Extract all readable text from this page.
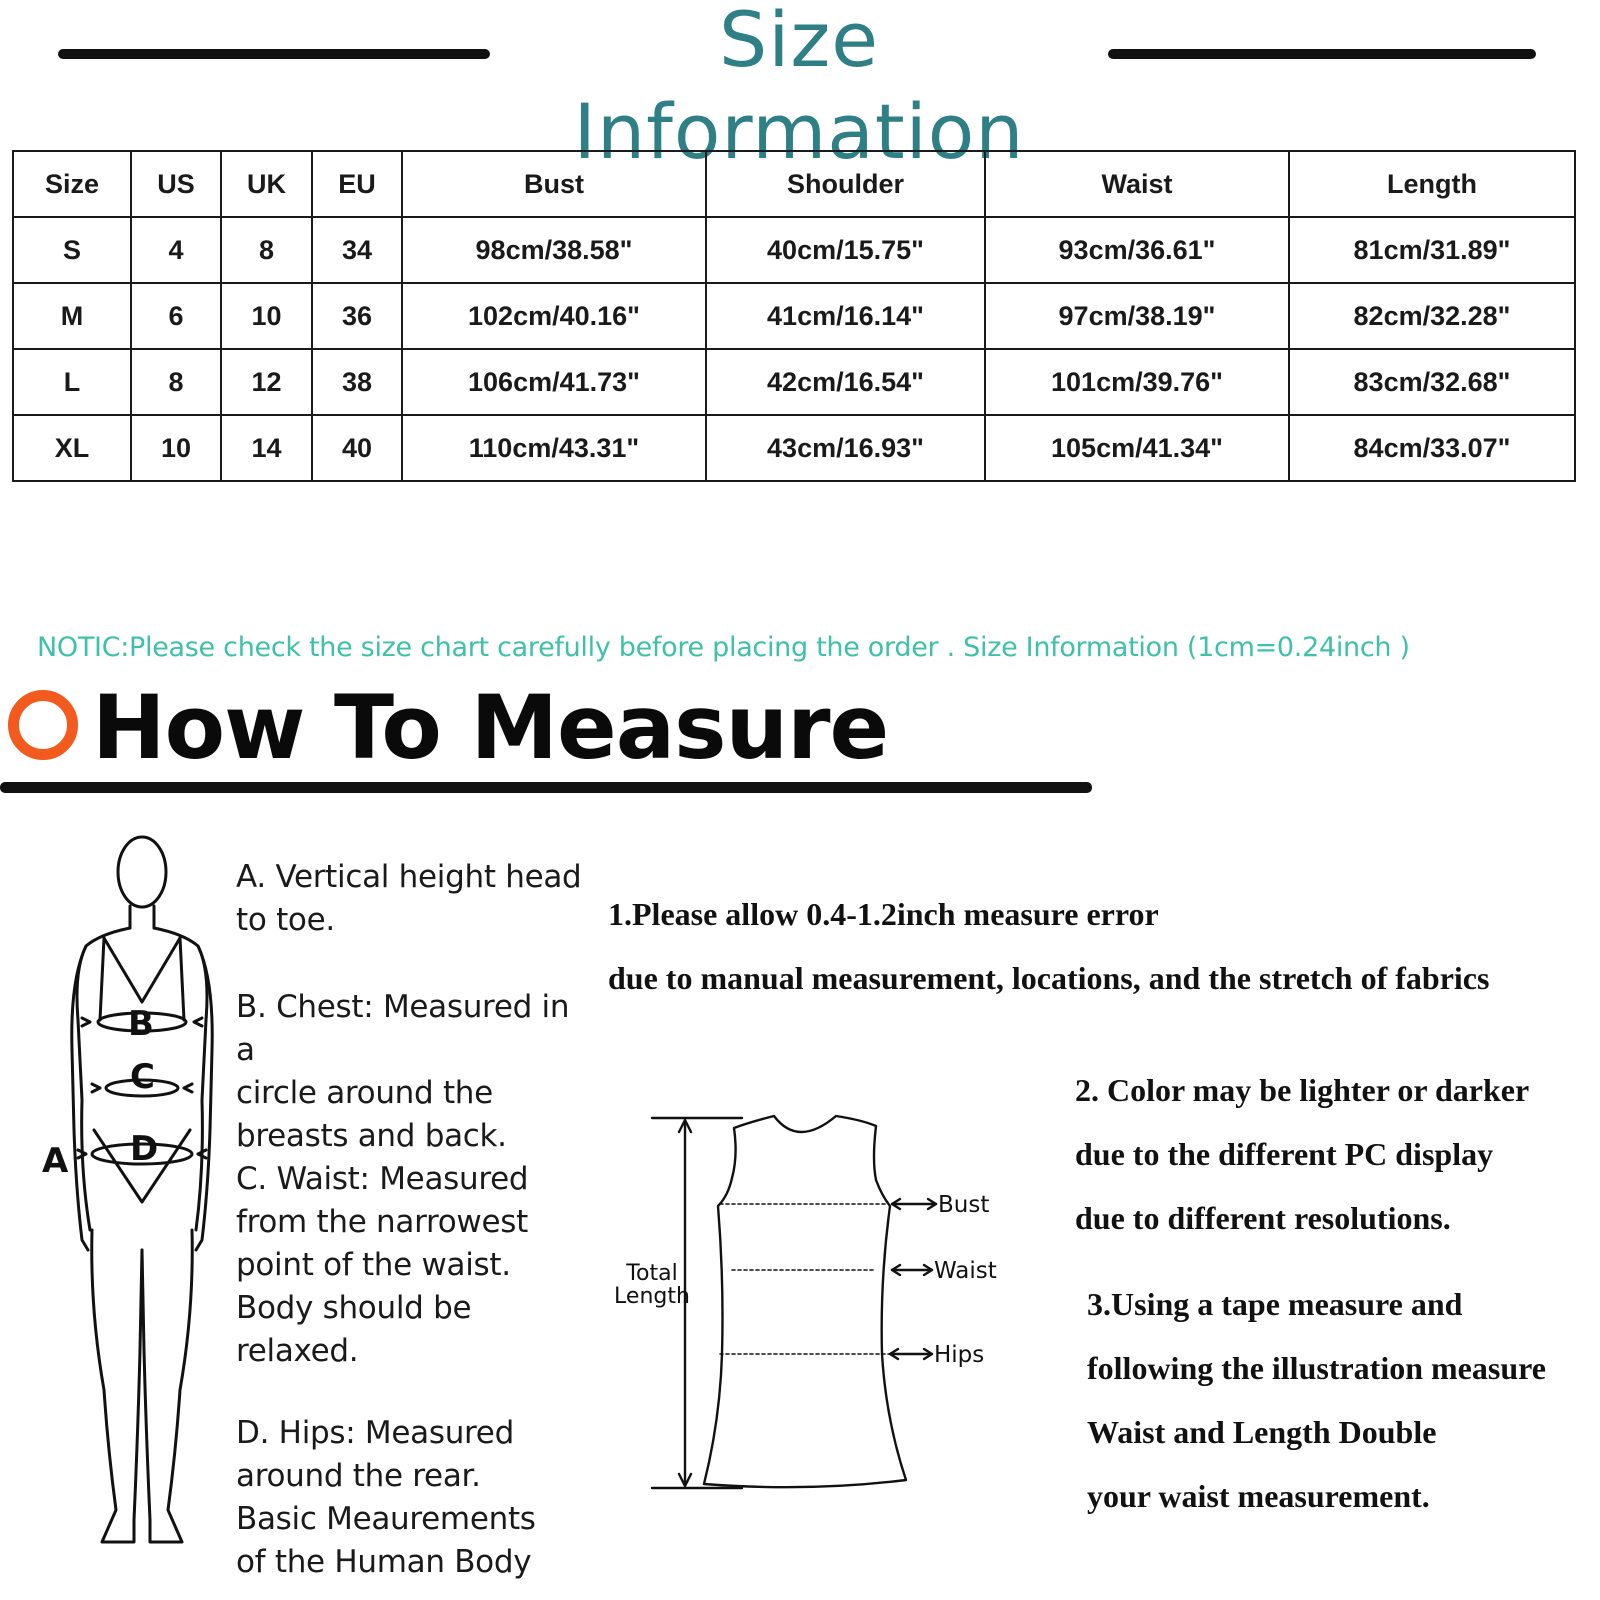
Size Information
Size	US	UK	EU	Bust	Shoulder	Waist	Length
S	4	8	34	98cm/38.58"	40cm/15.75"	93cm/36.61"	81cm/31.89"
M	6	10	36	102cm/40.16"	41cm/16.14"	97cm/38.19"	82cm/32.28"
L	8	12	38	106cm/41.73"	42cm/16.54"	101cm/39.76"	83cm/32.68"
XL	10	14	40	110cm/43.31"	43cm/16.93"	105cm/41.34"	84cm/33.07"
NOTIC:Please check the size chart carefully before placing the order . Size Information (1cm=0.24inch )
How To Measure
B
C
D
A
A. Vertical height head
to toe.
B. Chest: Measured in a
circle around the
breasts and back.
C. Waist: Measured
from the narrowest
point of the waist.
Body should be
relaxed.
D. Hips: Measured
around the rear.
Basic Meaurements
of the Human Body
1.Please allow 0.4-1.2inch measure error
due to manual measurement, locations, and the stretch of fabrics
2. Color may be lighter or darker
due to the different PC display
due to different resolutions.
3.Using a tape measure and
following the illustration measure
Waist and Length Double
your waist measurement.
Bust
Waist
Hips
Total
Length
